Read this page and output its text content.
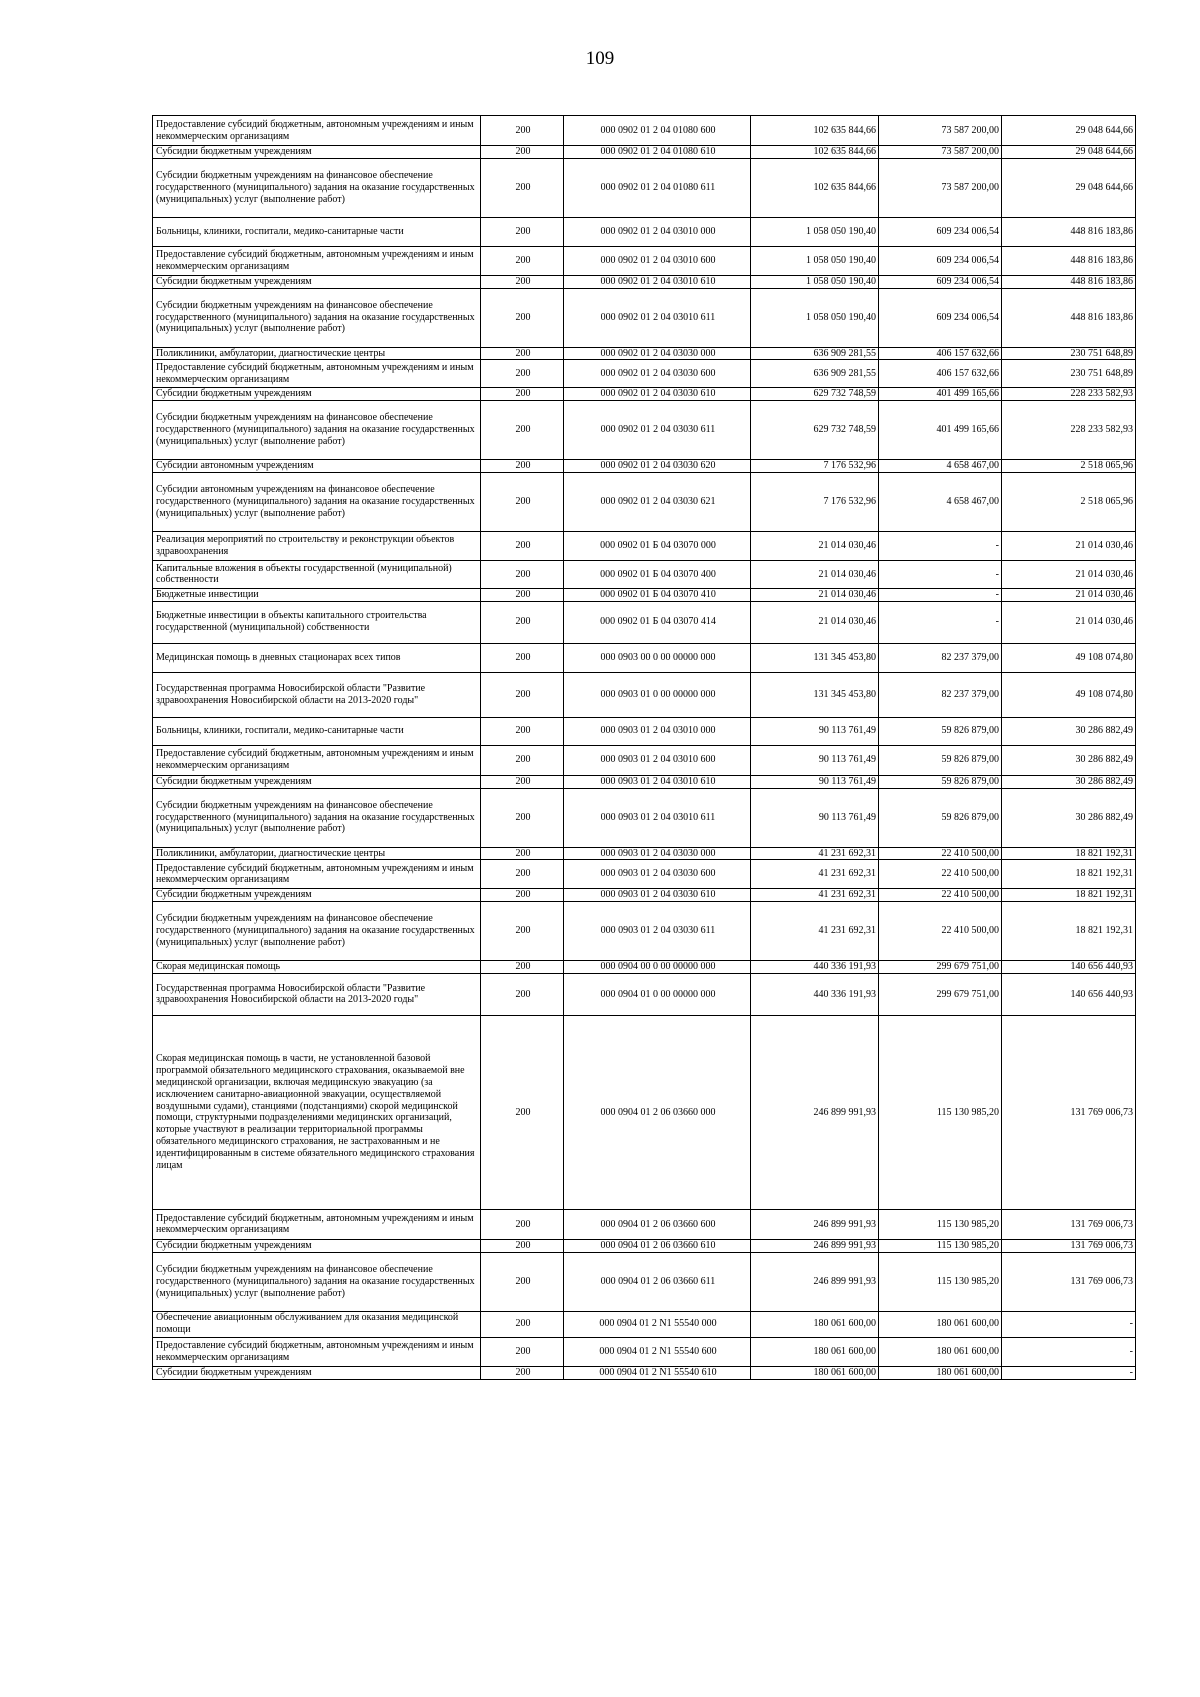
109
Предоставление субсидий бюджетным, автономным учреждениям и иным некоммерческим организациям	200	000 0902 01 2 04 01080 600	102 635 844,66	73 587 200,00	29 048 644,66
Субсидии бюджетным учреждениям	200	000 0902 01 2 04 01080 610	102 635 844,66	73 587 200,00	29 048 644,66
Субсидии бюджетным учреждениям на финансовое обеспечение государственного (муниципального) задания на оказание государственных (муниципальных) услуг (выполнение работ)	200	000 0902 01 2 04 01080 611	102 635 844,66	73 587 200,00	29 048 644,66
Больницы, клиники, госпитали, медико-санитарные части	200	000 0902 01 2 04 03010 000	1 058 050 190,40	609 234 006,54	448 816 183,86
Предоставление субсидий бюджетным, автономным учреждениям и иным некоммерческим организациям	200	000 0902 01 2 04 03010 600	1 058 050 190,40	609 234 006,54	448 816 183,86
Субсидии бюджетным учреждениям	200	000 0902 01 2 04 03010 610	1 058 050 190,40	609 234 006,54	448 816 183,86
Субсидии бюджетным учреждениям на финансовое обеспечение государственного (муниципального) задания на оказание государственных (муниципальных) услуг (выполнение работ)	200	000 0902 01 2 04 03010 611	1 058 050 190,40	609 234 006,54	448 816 183,86
Поликлиники, амбулатории, диагностические центры	200	000 0902 01 2 04 03030 000	636 909 281,55	406 157 632,66	230 751 648,89
Предоставление субсидий бюджетным, автономным учреждениям и иным некоммерческим организациям	200	000 0902 01 2 04 03030 600	636 909 281,55	406 157 632,66	230 751 648,89
Субсидии бюджетным учреждениям	200	000 0902 01 2 04 03030 610	629 732 748,59	401 499 165,66	228 233 582,93
Субсидии бюджетным учреждениям на финансовое обеспечение государственного (муниципального) задания на оказание государственных (муниципальных) услуг (выполнение работ)	200	000 0902 01 2 04 03030 611	629 732 748,59	401 499 165,66	228 233 582,93
Субсидии автономным учреждениям	200	000 0902 01 2 04 03030 620	7 176 532,96	4 658 467,00	2 518 065,96
Субсидии автономным учреждениям на финансовое обеспечение государственного (муниципального) задания на оказание государственных (муниципальных) услуг (выполнение работ)	200	000 0902 01 2 04 03030 621	7 176 532,96	4 658 467,00	2 518 065,96
Реализация мероприятий по строительству и реконструкции объектов здравоохранения	200	000 0902 01 Б 04 03070 000	21 014 030,46	-	21 014 030,46
Капитальные вложения в объекты государственной (муниципальной) собственности	200	000 0902 01 Б 04 03070 400	21 014 030,46	-	21 014 030,46
Бюджетные инвестиции	200	000 0902 01 Б 04 03070 410	21 014 030,46	-	21 014 030,46
Бюджетные инвестиции в объекты капитального строительства государственной (муниципальной) собственности	200	000 0902 01 Б 04 03070 414	21 014 030,46	-	21 014 030,46
Медицинская помощь в дневных стационарах всех типов	200	000 0903 00 0 00 00000 000	131 345 453,80	82 237 379,00	49 108 074,80
Государственная программа Новосибирской области "Развитие здравоохранения Новосибирской области на 2013-2020 годы"	200	000 0903 01 0 00 00000 000	131 345 453,80	82 237 379,00	49 108 074,80
Больницы, клиники, госпитали, медико-санитарные части	200	000 0903 01 2 04 03010 000	90 113 761,49	59 826 879,00	30 286 882,49
Предоставление субсидий бюджетным, автономным учреждениям и иным некоммерческим организациям	200	000 0903 01 2 04 03010 600	90 113 761,49	59 826 879,00	30 286 882,49
Субсидии бюджетным учреждениям	200	000 0903 01 2 04 03010 610	90 113 761,49	59 826 879,00	30 286 882,49
Субсидии бюджетным учреждениям на финансовое обеспечение государственного (муниципального) задания на оказание государственных (муниципальных) услуг (выполнение работ)	200	000 0903 01 2 04 03010 611	90 113 761,49	59 826 879,00	30 286 882,49
Поликлиники, амбулатории, диагностические центры	200	000 0903 01 2 04 03030 000	41 231 692,31	22 410 500,00	18 821 192,31
Предоставление субсидий бюджетным, автономным учреждениям и иным некоммерческим организациям	200	000 0903 01 2 04 03030 600	41 231 692,31	22 410 500,00	18 821 192,31
Субсидии бюджетным учреждениям	200	000 0903 01 2 04 03030 610	41 231 692,31	22 410 500,00	18 821 192,31
Субсидии бюджетным учреждениям на финансовое обеспечение государственного (муниципального) задания на оказание государственных (муниципальных) услуг (выполнение работ)	200	000 0903 01 2 04 03030 611	41 231 692,31	22 410 500,00	18 821 192,31
Скорая медицинская помощь	200	000 0904 00 0 00 00000 000	440 336 191,93	299 679 751,00	140 656 440,93
Государственная программа Новосибирской области "Развитие здравоохранения Новосибирской области на 2013-2020 годы"	200	000 0904 01 0 00 00000 000	440 336 191,93	299 679 751,00	140 656 440,93
Скорая медицинская помощь в части, не установленной базовой программой обязательного медицинского страхования, оказываемой вне медицинской организации, включая медицинскую эвакуацию (за исключением санитарно-авиационной эвакуации, осуществляемой воздушными судами), станциями (подстанциями) скорой медицинской помощи, структурными подразделениями медицинских организаций, которые участвуют в реализации территориальной программы обязательного медицинского страхования, не застрахованным и не идентифицированным в системе обязательного медицинского страхования лицам	200	000 0904 01 2 06 03660 000	246 899 991,93	115 130 985,20	131 769 006,73
Предоставление субсидий бюджетным, автономным учреждениям и иным некоммерческим организациям	200	000 0904 01 2 06 03660 600	246 899 991,93	115 130 985,20	131 769 006,73
Субсидии бюджетным учреждениям	200	000 0904 01 2 06 03660 610	246 899 991,93	115 130 985,20	131 769 006,73
Субсидии бюджетным учреждениям на финансовое обеспечение государственного (муниципального) задания на оказание государственных (муниципальных) услуг (выполнение работ)	200	000 0904 01 2 06 03660 611	246 899 991,93	115 130 985,20	131 769 006,73
Обеспечение авиационным обслуживанием для оказания медицинской помощи	200	000 0904 01 2 N1 55540 000	180 061 600,00	180 061 600,00	-
Предоставление субсидий бюджетным, автономным учреждениям и иным некоммерческим организациям	200	000 0904 01 2 N1 55540 600	180 061 600,00	180 061 600,00	-
Субсидии бюджетным учреждениям	200	000 0904 01 2 N1 55540 610	180 061 600,00	180 061 600,00	-
